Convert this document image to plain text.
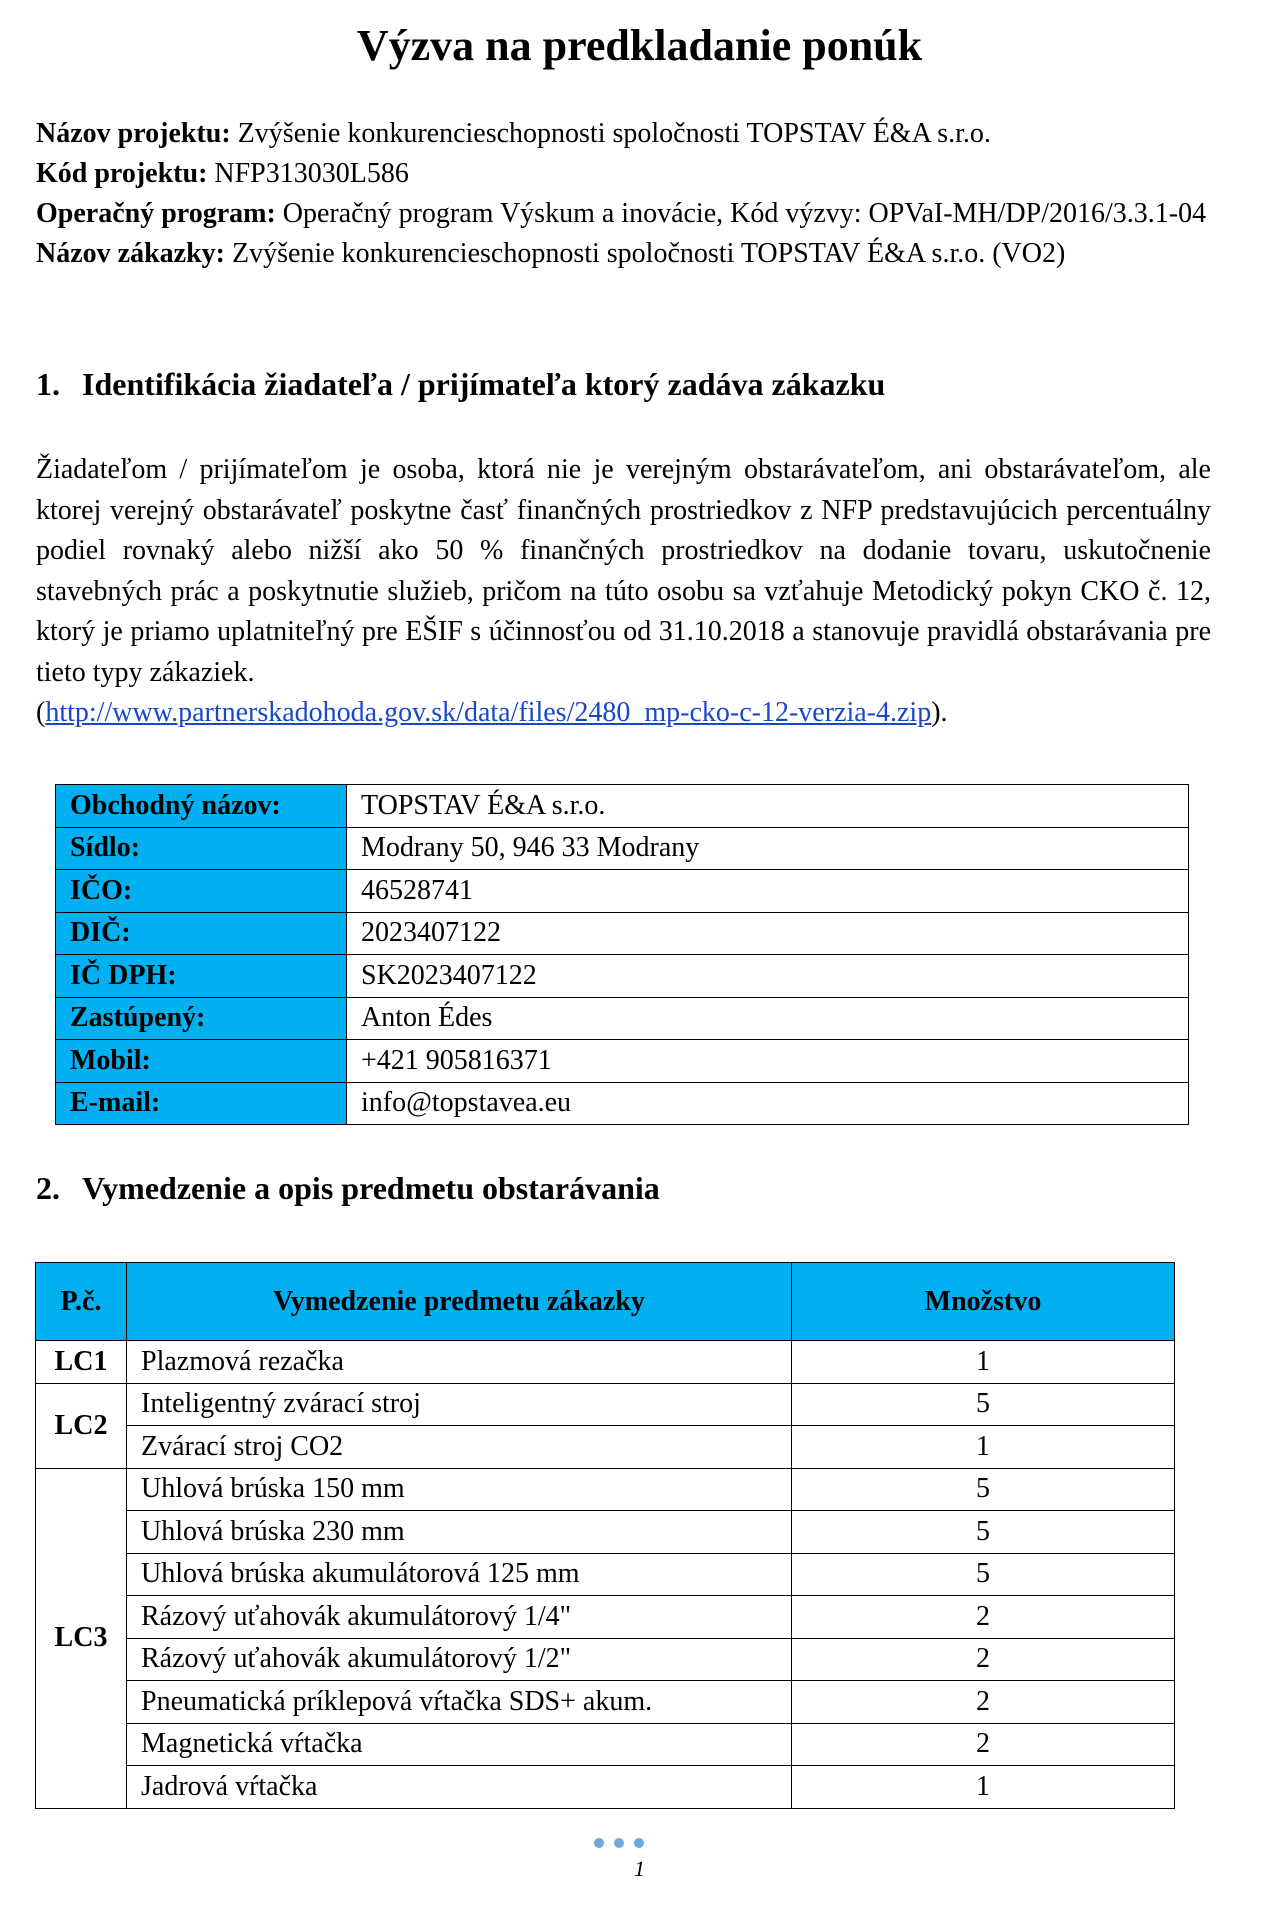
Výzva na predkladanie ponúk

Názov projektu: Zvýšenie konkurencieschopnosti spoločnosti TOPSTAV É&A s.r.o.

Kód projektu: NFP313030L586

Operačný program: Operačný program Výskum a inovácie, Kód výzvy: OPVaI-MH/DP/2016/3.3.1-04

Názov zákazky: Zvýšenie konkurencieschopnosti spoločnosti TOPSTAV É&A s.r.o. (VO2)

1. Identifikácia žiadateľa / prijímateľa ktorý zadáva zákazku
Žiadateľom / prijímateľom je osoba, ktorá nie je verejným obstarávateľom, ani obstarávateľom, ale ktorej verejný obstarávateľ poskytne časť finančných prostriedkov z NFP predstavujúcich percentuálny podiel rovnaký alebo nižší ako 50 % finančných prostriedkov na dodanie tovaru, uskutočnenie stavebných prác a poskytnutie služieb, pričom na túto osobu sa vzťahuje Metodický pokyn CKO č. 12, ktorý je priamo uplatniteľný pre EŠIF s účinnosťou od 31.10.2018 a stanovuje pravidlá obstarávania pre tieto typy zákaziek.
(http://www.partnerskadohoda.gov.sk/data/files/2480_mp-cko-c-12-verzia-4.zip).
Obchodný názov:	TOPSTAV É&A s.r.o.
Sídlo:	Modrany 50, 946 33 Modrany
IČO:	46528741
DIČ:	2023407122
IČ DPH:	SK2023407122
Zastúpený:	Anton Édes
Mobil:	+421 905816371
E-mail:	info@topstavea.eu
2. Vymedzenie a opis predmetu obstarávania
P.č.	Vymedzenie predmetu zákazky	Množstvo
LC1	Plazmová rezačka	1
LC2	Inteligentný zvárací stroj	5
	Zvárací stroj CO2	1
LC3	Uhlová brúska 150 mm	5
	Uhlová brúska 230 mm	5
	Uhlová brúska akumulátorová 125 mm	5
	Rázový uťahovák akumulátorový 1/4"	2
	Rázový uťahovák akumulátorový 1/2"	2
	Pneumatická príklepová vŕtačka SDS+ akum.	2
	Magnetická vŕtačka	2
	Jadrová vŕtačka	1
1
